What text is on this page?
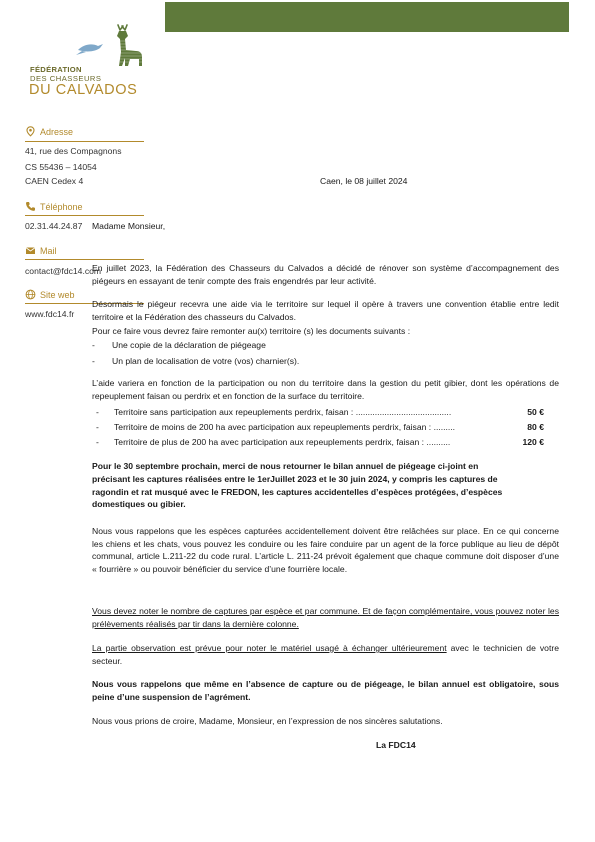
FÉDÉRATION
DES CHASSEURS
DU CALVADOS
Adresse
41, rue des Compagnons
CS 55436 – 14054
CAEN Cedex 4
Téléphone
02.31.44.24.87
Mail
contact@fdc14.com
Site web
www.fdc14.fr
Caen, le 08 juillet 2024
Madame Monsieur,
En juillet 2023, la Fédération des Chasseurs du Calvados a décidé de rénover son système d’accompagnement des piégeurs en essayant de tenir compte des frais engendrés par leur activité.
Désormais le piégeur recevra une aide via le territoire sur lequel il opère à travers une convention établie entre ledit territoire et la Fédération des chasseurs du Calvados.
Pour ce faire vous devrez faire remonter au(x) territoire (s) les documents suivants :
- Une copie de la déclaration de piégeage
- Un plan de localisation de votre (vos) charnier(s).
L’aide variera en fonction de la participation ou non du territoire dans la gestion du petit gibier, dont les opérations de repeuplement faisan ou perdrix et en fonction de la surface du territoire.
-	Territoire sans participation aux repeuplements perdrix, faisan : ........................................	50 €
-	Territoire de moins de 200 ha avec participation aux repeuplements perdrix, faisan : .........	80 €
-	Territoire de plus de 200 ha avec participation aux repeuplements perdrix, faisan : ..........	120 €
Pour le 30 septembre prochain, merci de nous retourner le bilan annuel de piégeage ci-joint en
précisant les captures réalisées entre le 1erJuillet 2023 et le 30 juin 2024, y compris les captures de
ragondin et rat musqué avec le FREDON, les captures accidentelles d’espèces protégées, d’espèces
domestiques ou gibier.
Nous vous rappelons que les espèces capturées accidentellement doivent être relâchées sur place. En ce qui concerne les chiens et les chats, vous pouvez les conduire ou les faire conduire par un agent de la force publique au lieu de dépôt communal, article L.211-22 du code rural. L’article L. 211-24 prévoit également que chaque commune doit disposer d’une « fourrière » ou pouvoir bénéficier du service d’une fourrière locale.
Vous devez noter le nombre de captures par espèce et par commune. Et de façon complémentaire, vous pouvez noter les prélèvements réalisés par tir dans la dernière colonne.
La partie observation est prévue pour noter le matériel usagé à échanger ultérieurement avec le technicien de votre secteur.
Nous vous rappelons que même en l’absence de capture ou de piégeage, le bilan annuel est obligatoire, sous peine d’une suspension de l’agrément.
Nous vous prions de croire, Madame, Monsieur, en l’expression de nos sincères salutations.
La FDC14
